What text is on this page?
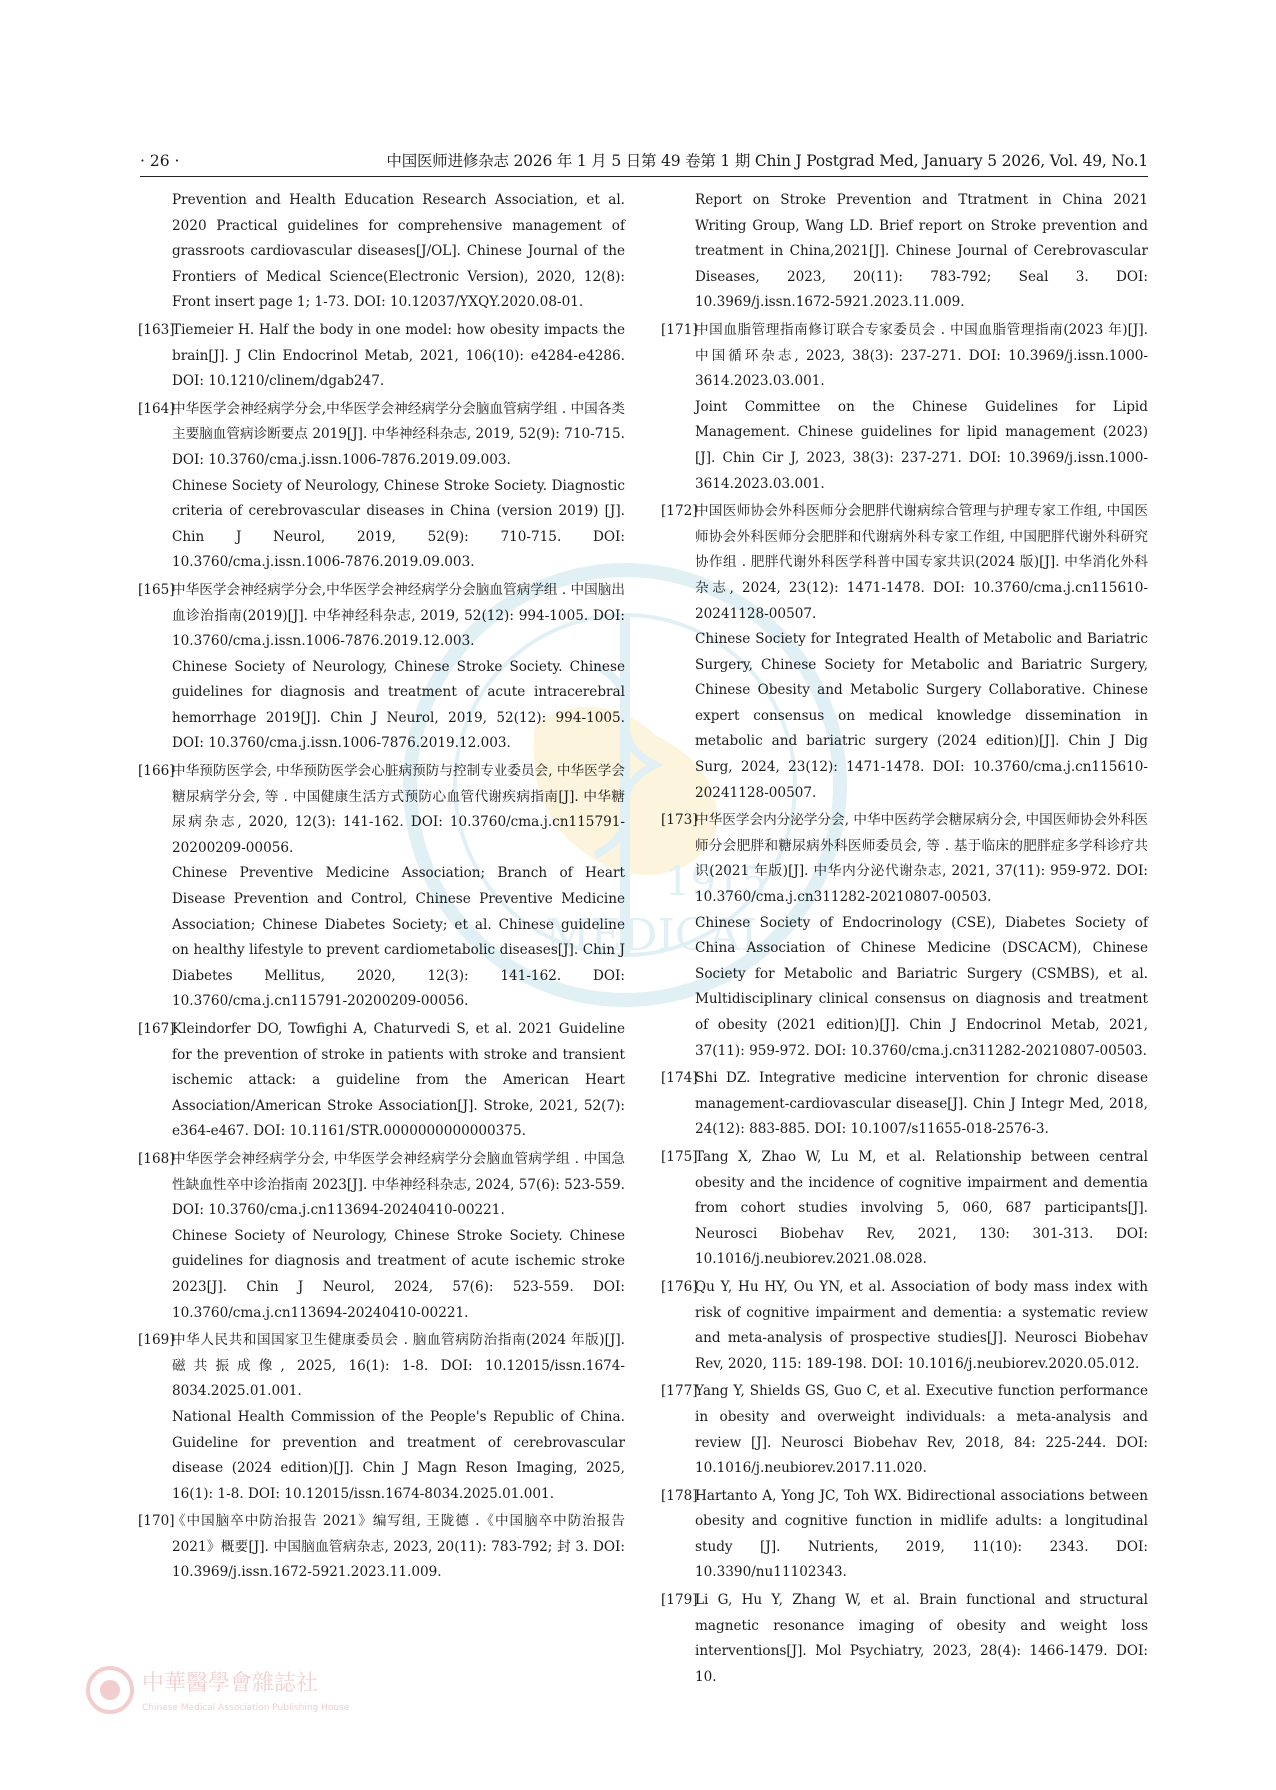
· 26 ·	中国医师进修杂志 2026 年 1 月 5 日第 49 卷第 1 期 Chin J Postgrad Med, January 5 2026, Vol. 49, No.1
1915
MEDICAL
Prevention and Health Education Research Association, et al. 2020 Practical guidelines for comprehensive management of grassroots cardiovascular diseases[J/OL]. Chinese Journal of the Frontiers of Medical Science(Electronic Version), 2020, 12(8): Front insert page 1; 1-73. DOI: 10.12037/YXQY.2020.08-01.
[163]
Tiemeier H. Half the body in one model: how obesity impacts the brain[J]. J Clin Endocrinol Metab, 2021, 106(10): e4284-e4286. DOI: 10.1210/clinem/dgab247.
[164]
中华医学会神经病学分会,中华医学会神经病学分会脑血管病学组 . 中国各类主要脑血管病诊断要点 2019[J]. 中华神经科杂志, 2019, 52(9): 710-715. DOI: 10.3760/cma.j.issn.1006-7876.2019.09.003.
Chinese Society of Neurology, Chinese Stroke Society. Diagnostic criteria of cerebrovascular diseases in China (version 2019) [J]. Chin J Neurol, 2019, 52(9): 710-715. DOI: 10.3760/cma.j.issn.1006-7876.2019.09.003.
[165]
中华医学会神经病学分会,中华医学会神经病学分会脑血管病学组 . 中国脑出血诊治指南(2019)[J]. 中华神经科杂志, 2019, 52(12): 994-1005. DOI: 10.3760/cma.j.issn.1006-7876.2019.12.003.
Chinese Society of Neurology, Chinese Stroke Society. Chinese guidelines for diagnosis and treatment of acute intracerebral hemorrhage 2019[J]. Chin J Neurol, 2019, 52(12): 994-1005. DOI: 10.3760/cma.j.issn.1006-7876.2019.12.003.
[166]
中华预防医学会, 中华预防医学会心脏病预防与控制专业委员会, 中华医学会糖尿病学分会, 等 . 中国健康生活方式预防心血管代谢疾病指南[J]. 中华糖尿病杂志, 2020, 12(3): 141-162. DOI: 10.3760/cma.j.cn115791-20200209-00056.
Chinese Preventive Medicine Association; Branch of Heart Disease Prevention and Control, Chinese Preventive Medicine Association; Chinese Diabetes Society; et al. Chinese guideline on healthy lifestyle to prevent cardiometabolic diseases[J]. Chin J Diabetes Mellitus, 2020, 12(3): 141-162. DOI: 10.3760/cma.j.cn115791-20200209-00056.
[167]
Kleindorfer DO, Towfighi A, Chaturvedi S, et al. 2021 Guideline for the prevention of stroke in patients with stroke and transient ischemic attack: a guideline from the American Heart Association/American Stroke Association[J]. Stroke, 2021, 52(7): e364-e467. DOI: 10.1161/STR.0000000000000375.
[168]
中华医学会神经病学分会, 中华医学会神经病学分会脑血管病学组 . 中国急性缺血性卒中诊治指南 2023[J]. 中华神经科杂志, 2024, 57(6): 523-559. DOI: 10.3760/cma.j.cn113694-20240410-00221.
Chinese Society of Neurology, Chinese Stroke Society. Chinese guidelines for diagnosis and treatment of acute ischemic stroke 2023[J]. Chin J Neurol, 2024, 57(6): 523-559. DOI: 10.3760/cma.j.cn113694-20240410-00221.
[169]
中华人民共和国国家卫生健康委员会 . 脑血管病防治指南(2024 年版)[J]. 磁共振成像, 2025, 16(1): 1-8. DOI: 10.12015/issn.1674-8034.2025.01.001.
National Health Commission of the People's Republic of China. Guideline for prevention and treatment of cerebrovascular disease (2024 edition)[J]. Chin J Magn Reson Imaging, 2025, 16(1): 1-8. DOI: 10.12015/issn.1674-8034.2025.01.001.
[170]
《中国脑卒中防治报告 2021》编写组, 王陇德 .《中国脑卒中防治报告 2021》概要[J]. 中国脑血管病杂志, 2023, 20(11): 783-792; 封 3. DOI: 10.3969/j.issn.1672-5921.2023.11.009.
Report on Stroke Prevention and Ttratment in China 2021 Writing Group, Wang LD. Brief report on Stroke prevention and treatment in China,2021[J]. Chinese Journal of Cerebrovascular Diseases, 2023, 20(11): 783-792; Seal 3. DOI: 10.3969/j.issn.1672-5921.2023.11.009.
[171]
中国血脂管理指南修订联合专家委员会 . 中国血脂管理指南(2023 年)[J]. 中国循环杂志, 2023, 38(3): 237-271. DOI: 10.3969/j.issn.1000-3614.2023.03.001.
Joint Committee on the Chinese Guidelines for Lipid Management. Chinese guidelines for lipid management (2023) [J]. Chin Cir J, 2023, 38(3): 237-271. DOI: 10.3969/j.issn.1000-3614.2023.03.001.
[172]
中国医师协会外科医师分会肥胖代谢病综合管理与护理专家工作组, 中国医师协会外科医师分会肥胖和代谢病外科专家工作组, 中国肥胖代谢外科研究协作组 . 肥胖代谢外科医学科普中国专家共识(2024 版)[J]. 中华消化外科杂志, 2024, 23(12): 1471-1478. DOI: 10.3760/cma.j.cn115610-20241128-00507.
Chinese Society for Integrated Health of Metabolic and Bariatric Surgery, Chinese Society for Metabolic and Bariatric Surgery, Chinese Obesity and Metabolic Surgery Collaborative. Chinese expert consensus on medical knowledge dissemination in metabolic and bariatric surgery (2024 edition)[J]. Chin J Dig Surg, 2024, 23(12): 1471-1478. DOI: 10.3760/cma.j.cn115610-20241128-00507.
[173]
中华医学会内分泌学分会, 中华中医药学会糖尿病分会, 中国医师协会外科医师分会肥胖和糖尿病外科医师委员会, 等 . 基于临床的肥胖症多学科诊疗共识(2021 年版)[J]. 中华内分泌代谢杂志, 2021, 37(11): 959-972. DOI: 10.3760/cma.j.cn311282-20210807-00503.
Chinese Society of Endocrinology (CSE), Diabetes Society of China Association of Chinese Medicine (DSCACM), Chinese Society for Metabolic and Bariatric Surgery (CSMBS), et al. Multidisciplinary clinical consensus on diagnosis and treatment of obesity (2021 edition)[J]. Chin J Endocrinol Metab, 2021, 37(11): 959-972. DOI: 10.3760/cma.j.cn311282-20210807-00503.
[174]
Shi DZ. Integrative medicine intervention for chronic disease management-cardiovascular disease[J]. Chin J Integr Med, 2018, 24(12): 883-885. DOI: 10.1007/s11655-018-2576-3.
[175]
Tang X, Zhao W, Lu M, et al. Relationship between central obesity and the incidence of cognitive impairment and dementia from cohort studies involving 5, 060, 687 participants[J]. Neurosci Biobehav Rev, 2021, 130: 301-313. DOI: 10.1016/j.neubiorev.2021.08.028.
[176]
Qu Y, Hu HY, Ou YN, et al. Association of body mass index with risk of cognitive impairment and dementia: a systematic review and meta-analysis of prospective studies[J]. Neurosci Biobehav Rev, 2020, 115: 189-198. DOI: 10.1016/j.neubiorev.2020.05.012.
[177]
Yang Y, Shields GS, Guo C, et al. Executive function performance in obesity and overweight individuals: a meta-analysis and review [J]. Neurosci Biobehav Rev, 2018, 84: 225-244. DOI: 10.1016/j.neubiorev.2017.11.020.
[178]
Hartanto A, Yong JC, Toh WX. Bidirectional associations between obesity and cognitive function in midlife adults: a longitudinal study [J]. Nutrients, 2019, 11(10): 2343. DOI: 10.3390/nu11102343.
[179]
Li G, Hu Y, Zhang W, et al. Brain functional and structural magnetic resonance imaging of obesity and weight loss interventions[J]. Mol Psychiatry, 2023, 28(4): 1466-1479. DOI: 10.
中華醫學會雜誌社
Chinese Medical Association Publishing House
